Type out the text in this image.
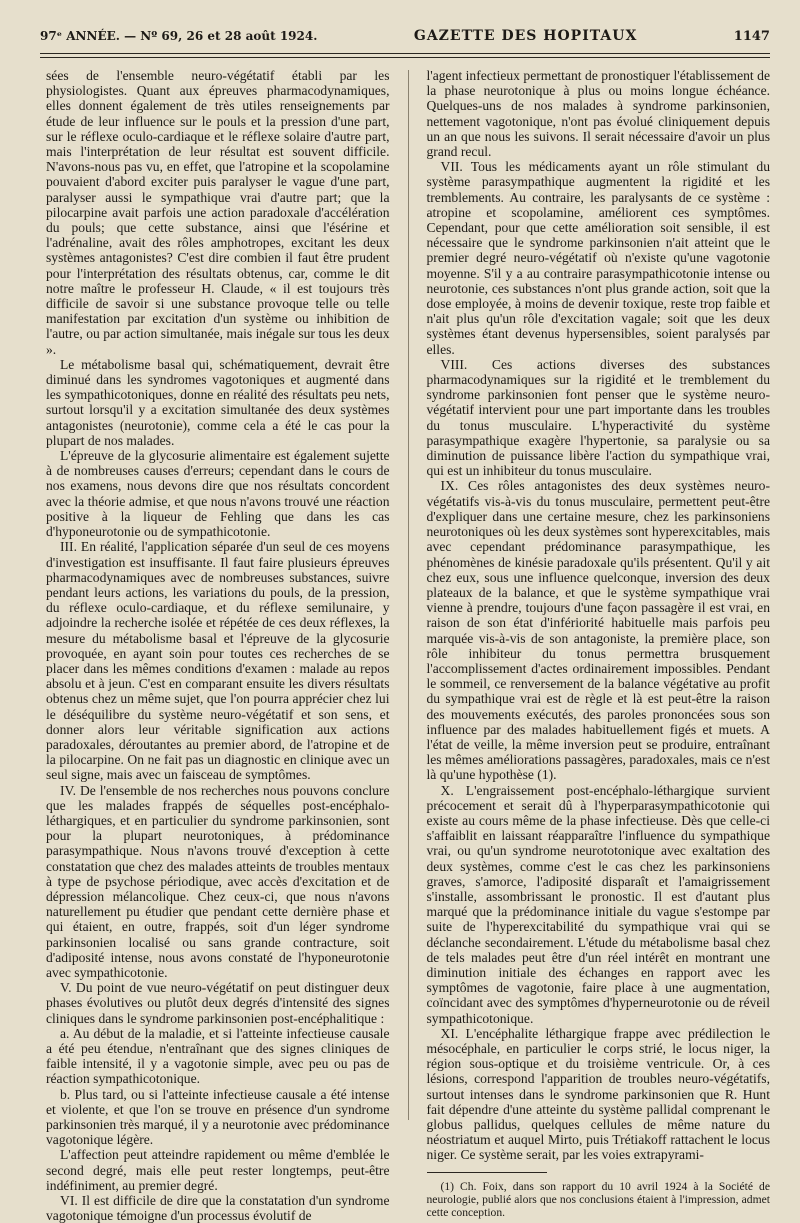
97ᵉ ANNÉE. — Nº 69, 26 et 28 août 1924.	GAZETTE DES HOPITAUX	1147

sées de l'ensemble neuro-végétatif établi par les physiologistes. Quant aux épreuves pharmacodynamiques, elles donnent également de très utiles renseignements par étude de leur influence sur le pouls et la pression d'une part, sur le réflexe oculo-cardiaque et le réflexe solaire d'autre part, mais l'interprétation de leur résultat est souvent difficile. N'avons-nous pas vu, en effet, que l'atropine et la scopolamine pouvaient d'abord exciter puis paralyser le vague d'une part, paralyser aussi le sympathique vrai d'autre part; que la pilocarpine avait parfois une action paradoxale d'accélération du pouls; que cette substance, ainsi que l'ésérine et l'adrénaline, avait des rôles amphotropes, excitant les deux systèmes antagonistes? C'est dire combien il faut être prudent pour l'interprétation des résultats obtenus, car, comme le dit notre maître le professeur H. Claude, « il est toujours très difficile de savoir si une substance provoque telle ou telle manifestation par excitation d'un système ou inhibition de l'autre, ou par action simultanée, mais inégale sur tous les deux ».

Le métabolisme basal qui, schématiquement, devrait être diminué dans les syndromes vagotoniques et augmenté dans les sympathicotoniques, donne en réalité des résultats peu nets, surtout lorsqu'il y a excitation simultanée des deux systèmes antagonistes (neurotonie), comme cela a été le cas pour la plupart de nos malades.

L'épreuve de la glycosurie alimentaire est également sujette à de nombreuses causes d'erreurs; cependant dans le cours de nos examens, nous devons dire que nos résultats concordent avec la théorie admise, et que nous n'avons trouvé une réaction positive à la liqueur de Fehling que dans les cas d'hyponeurotonie ou de sympathicotonie.

III. En réalité, l'application séparée d'un seul de ces moyens d'investigation est insuffisante. Il faut faire plusieurs épreuves pharmacodynamiques avec de nombreuses substances, suivre pendant leurs actions, les variations du pouls, de la pression, du réflexe oculo-cardiaque, et du réflexe semilunaire, y adjoindre la recherche isolée et répétée de ces deux réflexes, la mesure du métabolisme basal et l'épreuve de la glycosurie provoquée, en ayant soin pour toutes ces recherches de se placer dans les mêmes conditions d'examen : malade au repos absolu et à jeun. C'est en comparant ensuite les divers résultats obtenus chez un même sujet, que l'on pourra apprécier chez lui le déséquilibre du système neuro-végétatif et son sens, et donner alors leur véritable signification aux actions paradoxales, déroutantes au premier abord, de l'atropine et de la pilocarpine. On ne fait pas un diagnostic en clinique avec un seul signe, mais avec un faisceau de symptômes.

IV. De l'ensemble de nos recherches nous pouvons conclure que les malades frappés de séquelles post-encéphalo-léthargiques, et en particulier du syndrome parkinsonien, sont pour la plupart neurotoniques, à prédominance parasympathique. Nous n'avons trouvé d'exception à cette constatation que chez des malades atteints de troubles mentaux à type de psychose périodique, avec accès d'excitation et de dépression mélancolique. Chez ceux-ci, que nous n'avons naturellement pu étudier que pendant cette dernière phase et qui étaient, en outre, frappés, soit d'un léger syndrome parkinsonien localisé ou sans grande contracture, soit d'adiposité intense, nous avons constaté de l'hyponeurotonie avec sympathicotonie.

V. Du point de vue neuro-végétatif on peut distinguer deux phases évolutives ou plutôt deux degrés d'intensité des signes cliniques dans le syndrome parkinsonien post-encéphalitique :

a. Au début de la maladie, et si l'atteinte infectieuse causale a été peu étendue, n'entraînant que des signes cliniques de faible intensité, il y a vagotonie simple, avec peu ou pas de réaction sympathicotonique.

b. Plus tard, ou si l'atteinte infectieuse causale a été intense et violente, et que l'on se trouve en présence d'un syndrome parkinsonien très marqué, il y a neurotonie avec prédominance vagotonique légère.

L'affection peut atteindre rapidement ou même d'emblée le second degré, mais elle peut rester longtemps, peut-être indéfiniment, au premier degré.

VI. Il est difficile de dire que la constatation d'un syndrome vagotonique témoigne d'un processus évolutif de

l'agent infectieux permettant de pronostiquer l'établissement de la phase neurotonique à plus ou moins longue échéance. Quelques-uns de nos malades à syndrome parkinsonien, nettement vagotonique, n'ont pas évolué cliniquement depuis un an que nous les suivons. Il serait nécessaire d'avoir un plus grand recul.

VII. Tous les médicaments ayant un rôle stimulant du système parasympathique augmentent la rigidité et les tremblements. Au contraire, les paralysants de ce système : atropine et scopolamine, améliorent ces symptômes. Cependant, pour que cette amélioration soit sensible, il est nécessaire que le syndrome parkinsonien n'ait atteint que le premier degré neuro-végétatif où n'existe qu'une vagotonie moyenne. S'il y a au contraire parasympathicotonie intense ou neurotonie, ces substances n'ont plus grande action, soit que la dose employée, à moins de devenir toxique, reste trop faible et n'ait plus qu'un rôle d'excitation vagale; soit que les deux systèmes étant devenus hypersensibles, soient paralysés par elles.

VIII. Ces actions diverses des substances pharmacodynamiques sur la rigidité et le tremblement du syndrome parkinsonien font penser que le système neuro-végétatif intervient pour une part importante dans les troubles du tonus musculaire. L'hyperactivité du système parasympathique exagère l'hypertonie, sa paralysie ou sa diminution de puissance libère l'action du sympathique vrai, qui est un inhibiteur du tonus musculaire.

IX. Ces rôles antagonistes des deux systèmes neuro-végétatifs vis-à-vis du tonus musculaire, permettent peut-être d'expliquer dans une certaine mesure, chez les parkinsoniens neurotoniques où les deux systèmes sont hyperexcitables, mais avec cependant prédominance parasympathique, les phénomènes de kinésie paradoxale qu'ils présentent. Qu'il y ait chez eux, sous une influence quelconque, inversion des deux plateaux de la balance, et que le système sympathique vrai vienne à prendre, toujours d'une façon passagère il est vrai, en raison de son état d'infériorité habituelle mais parfois peu marquée vis-à-vis de son antagoniste, la première place, son rôle inhibiteur du tonus permettra brusquement l'accomplissement d'actes ordinairement impossibles. Pendant le sommeil, ce renversement de la balance végétative au profit du sympathique vrai est de règle et là est peut-être la raison des mouvements exécutés, des paroles prononcées sous son influence par des malades habituellement figés et muets. A l'état de veille, la même inversion peut se produire, entraînant les mêmes améliorations passagères, paradoxales, mais ce n'est là qu'une hypothèse (1).

X. L'engraissement post-encéphalo-léthargique survient précocement et serait dû à l'hyperparasympathicotonie qui existe au cours même de la phase infectieuse. Dès que celle-ci s'affaiblit en laissant réapparaître l'influence du sympathique vrai, ou qu'un syndrome neurototonique avec exaltation des deux systèmes, comme c'est le cas chez les parkinsoniens graves, s'amorce, l'adiposité disparaît et l'amaigrissement s'installe, assombrissant le pronostic. Il est d'autant plus marqué que la prédominance initiale du vague s'estompe par suite de l'hyperexcitabilité du sympathique vrai qui se déclanche secondairement. L'étude du métabolisme basal chez de tels malades peut être d'un réel intérêt en montrant une diminution initiale des échanges en rapport avec les symptômes de vagotonie, faire place à une augmentation, coïncidant avec des symptômes d'hyperneurotonie ou de réveil sympathicotonique.

XI. L'encéphalite léthargique frappe avec prédilection le mésocéphale, en particulier le corps strié, le locus niger, la région sous-optique et du troisième ventricule. Or, à ces lésions, correspond l'apparition de troubles neuro-végétatifs, surtout intenses dans le syndrome parkinsonien que R. Hunt fait dépendre d'une atteinte du système pallidal comprenant le globus pallidus, quelques cellules de même nature du néostriatum et auquel Mirto, puis Trétiakoff rattachent le locus niger. Ce système serait, par les voies extrapyrami-

(1) Ch. Foix, dans son rapport du 10 avril 1924 à la Société de neurologie, publié alors que nos conclusions étaient à l'impression, admet cette conception.
